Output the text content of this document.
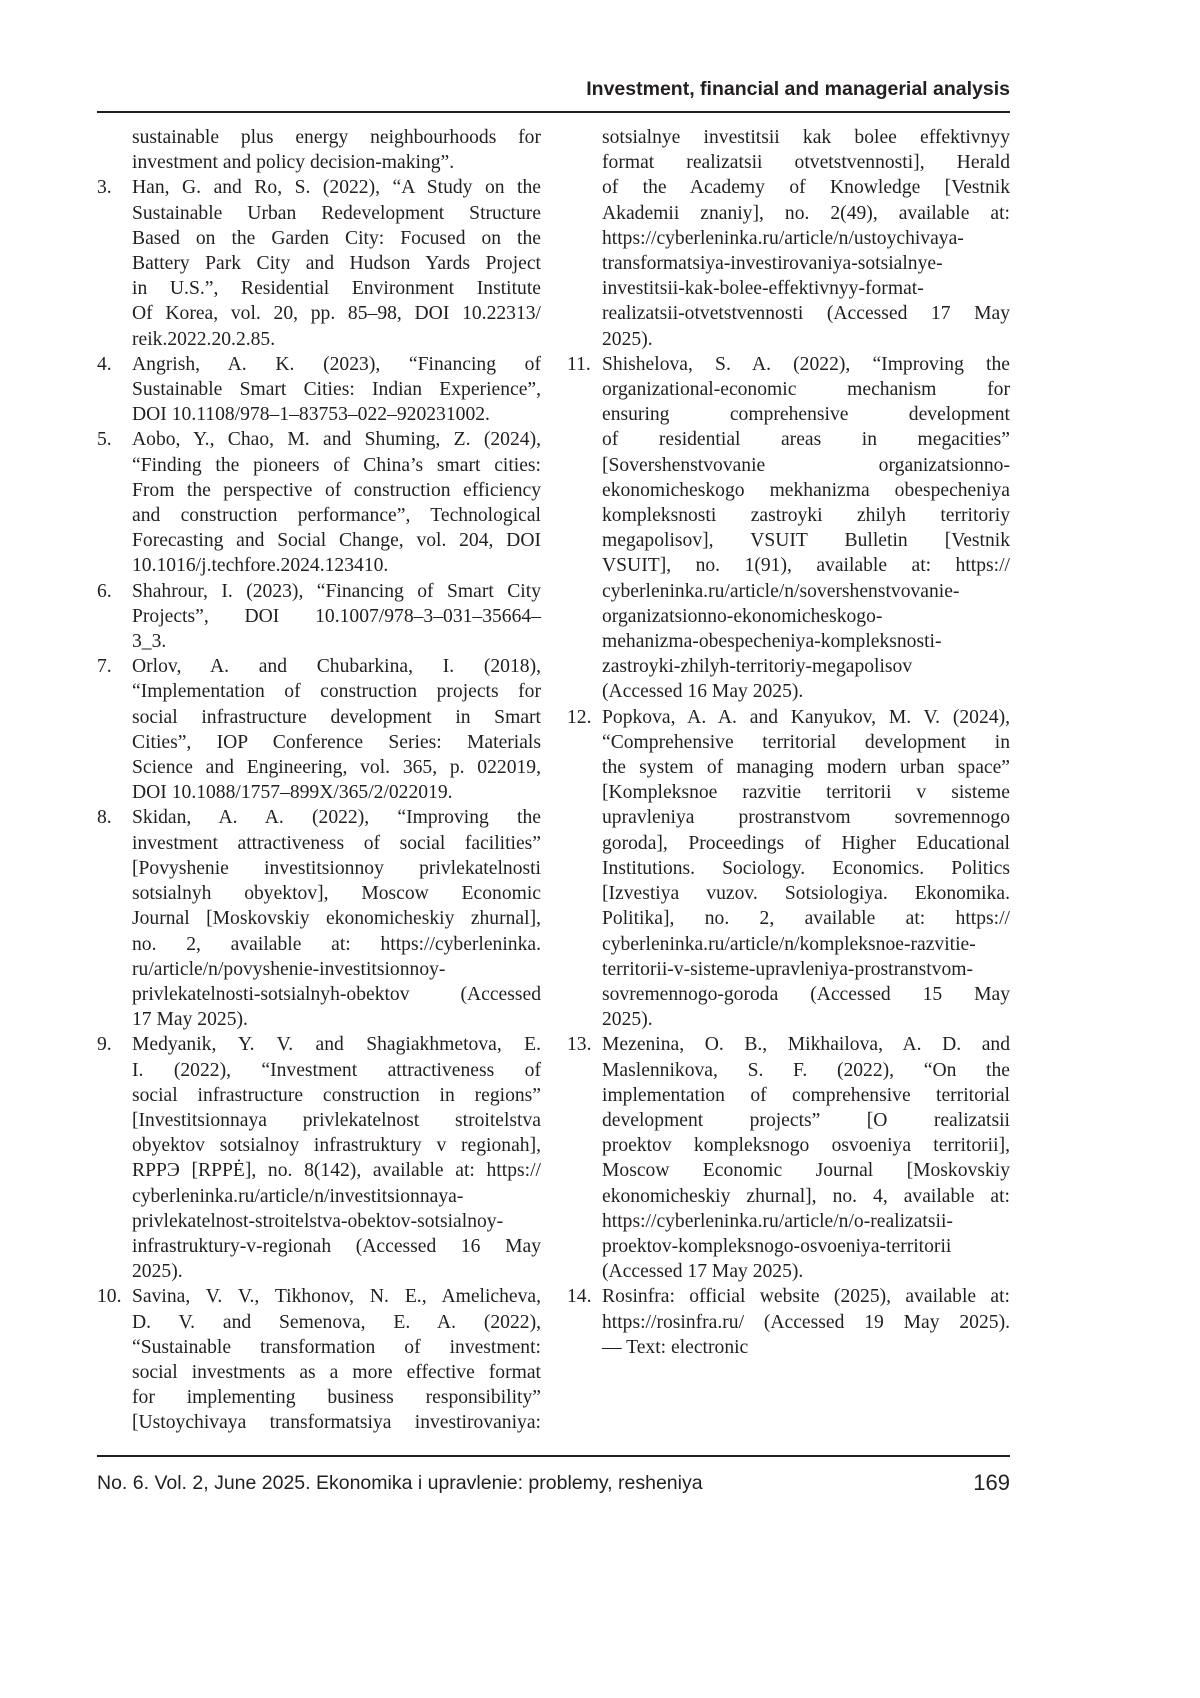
Investment, financial and managerial analysis
sustainable plus energy neighbourhoods for
investment and policy decision-making”.
3. Han, G. and Ro, S. (2022), “A Study on the
Sustainable Urban Redevelopment Structure
Based on the Garden City: Focused on the
Battery Park City and Hudson Yards Project
in U.S.”, Residential Environment Institute
Of Korea, vol. 20, pp. 85–98, DOI 10.22313/
reik.2022.20.2.85.
4. Angrish, A. K. (2023), “Financing of
Sustainable Smart Cities: Indian Experience”,
DOI 10.1108/978–1–83753–022–920231002.
5. Aobo, Y., Chao, M. and Shuming, Z. (2024),
“Finding the pioneers of China’s smart cities:
From the perspective of construction efficiency
and construction performance”, Technological
Forecasting and Social Change, vol. 204, DOI
10.1016/j.techfore.2024.123410.
6. Shahrour, I. (2023), “Financing of Smart City
Projects”, DOI 10.1007/978–3–031–35664–
3_3.
7. Orlov, A. and Chubarkina, I. (2018),
“Implementation of construction projects for
social infrastructure development in Smart
Cities”, IOP Conference Series: Materials
Science and Engineering, vol. 365, p. 022019,
DOI 10.1088/1757–899X/365/2/022019.
8. Skidan, A. A. (2022), “Improving the
investment attractiveness of social facilities”
[Povyshenie investitsionnoy privlekatelnosti
sotsialnyh obyektov], Moscow Economic
Journal [Moskovskiy ekonomicheskiy zhurnal],
no. 2, available at: https://cyberleninka.
ru/article/n/povyshenie-investitsionnoy-
privlekatelnosti-sotsialnyh-obektov (Accessed
17 May 2025).
9. Medyanik, Y. V. and Shagiakhmetova, E.
I. (2022), “Investment attractiveness of
social infrastructure construction in regions”
[Investitsionnaya privlekatelnost stroitelstva
obyektov sotsialnoy infrastruktury v regionah],
RPPЭ [RPPĖ], no. 8(142), available at: https://
cyberleninka.ru/article/n/investitsionnaya-
privlekatelnost-stroitelstva-obektov-sotsialnoy-
infrastruktury-v-regionah (Accessed 16 May
2025).
10. Savina, V. V., Tikhonov, N. E., Amelicheva,
D. V. and Semenova, E. A. (2022),
“Sustainable transformation of investment:
social investments as a more effective format
for implementing business responsibility”
[Ustoychivaya transformatsiya investirovaniya:
sotsialnye investitsii kak bolee effektivnyy
format realizatsii otvetstvennosti], Herald
of the Academy of Knowledge [Vestnik
Akademii znaniy], no. 2(49), available at:
https://cyberleninka.ru/article/n/ustoychivaya-
transformatsiya-investirovaniya-sotsialnye-
investitsii-kak-bolee-effektivnyy-format-
realizatsii-otvetstvennosti (Accessed 17 May
2025).
11. Shishelova, S. A. (2022), “Improving the
organizational-economic mechanism for
ensuring comprehensive development
of residential areas in megacities”
[Sovershenstvovanie organizatsionno-
ekonomicheskogo mekhanizma obespecheniya
kompleksnosti zastroyki zhilyh territoriy
megapolisov], VSUIT Bulletin [Vestnik
VSUIT], no. 1(91), available at: https://
cyberleninka.ru/article/n/sovershenstvovanie-
organizatsionno-ekonomicheskogo-
mehanizma-obespecheniya-kompleksnosti-
zastroyki-zhilyh-territoriy-megapolisov
(Accessed 16 May 2025).
12. Popkova, A. A. and Kanyukov, M. V. (2024),
“Comprehensive territorial development in
the system of managing modern urban space”
[Kompleksnoe razvitie territorii v sisteme
upravleniya prostranstvom sovremennogo
goroda], Proceedings of Higher Educational
Institutions. Sociology. Economics. Politics
[Izvestiya vuzov. Sotsiologiya. Ekonomika.
Politika], no. 2, available at: https://
cyberleninka.ru/article/n/kompleksnoe-razvitie-
territorii-v-sisteme-upravleniya-prostranstvom-
sovremennogo-goroda (Accessed 15 May
2025).
13. Mezenina, O. B., Mikhailova, A. D. and
Maslennikova, S. F. (2022), “On the
implementation of comprehensive territorial
development projects” [O realizatsii
proektov kompleksnogo osvoeniya territorii],
Moscow Economic Journal [Moskovskiy
ekonomicheskiy zhurnal], no. 4, available at:
https://cyberleninka.ru/article/n/o-realizatsii-
proektov-kompleksnogo-osvoeniya-territorii
(Accessed 17 May 2025).
14. Rosinfra: official website (2025), available at:
https://rosinfra.ru/ (Accessed 19 May 2025).
— Text: electronic
No. 6. Vol. 2, June 2025. Ekonomika i upravlenie: problemy, resheniya	169
